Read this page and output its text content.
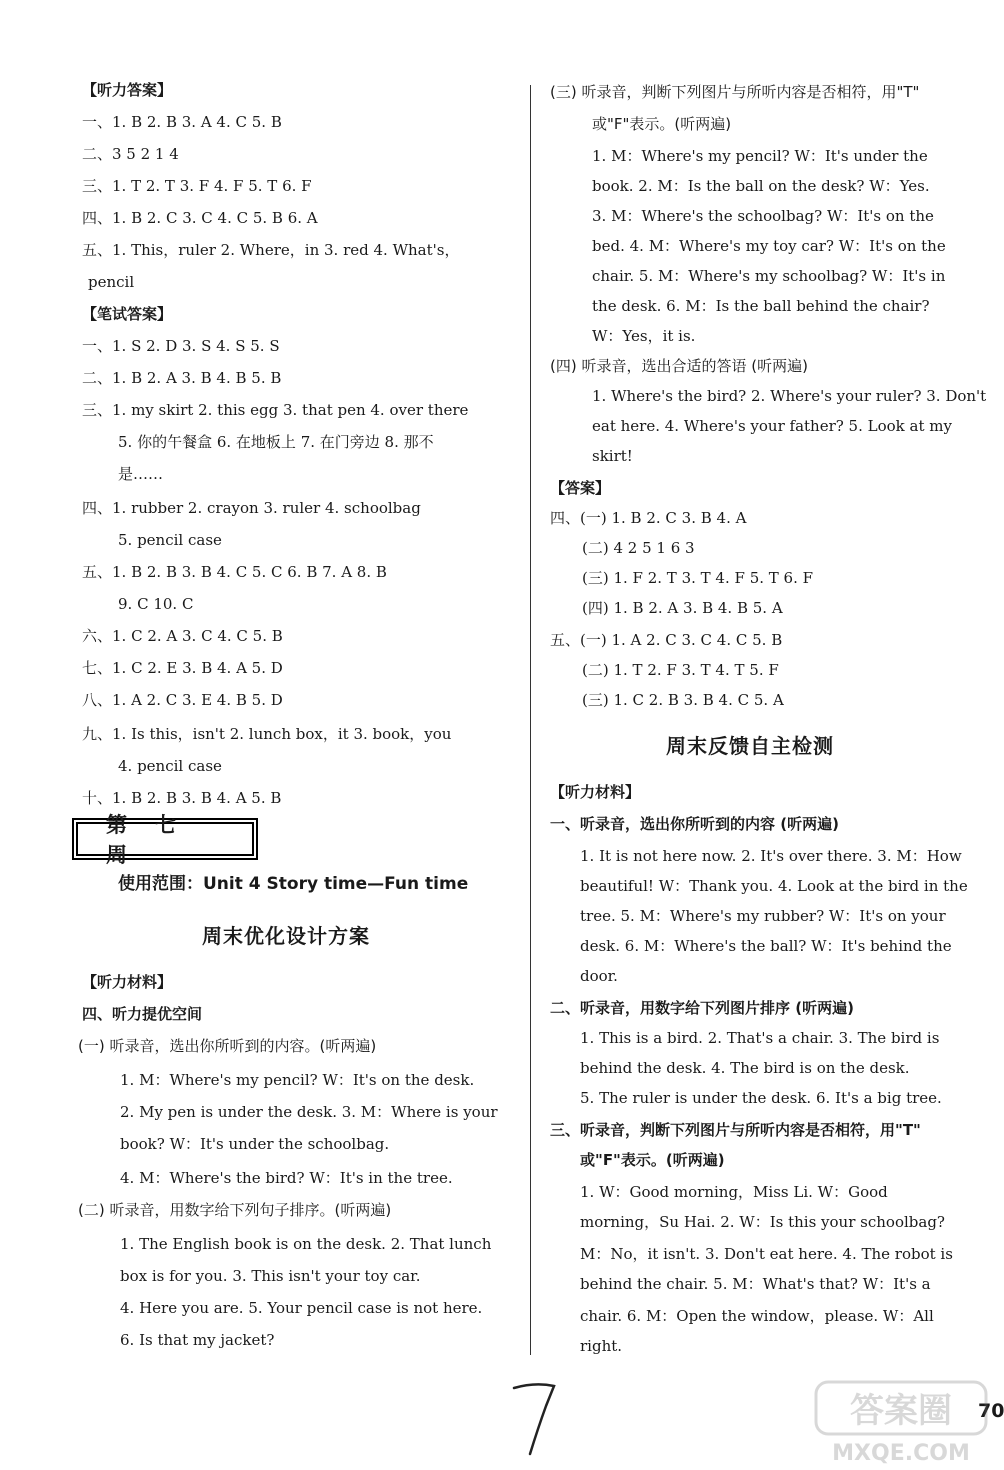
【听力答案】
一、1. B 2. B 3. A 4. C 5. B
二、3 5 2 1 4
三、1. T 2. T 3. F 4. F 5. T 6. F
四、1. B 2. C 3. C 4. C 5. B 6. A
五、1. This，ruler 2. Where，in 3. red 4. What's，
pencil
【笔试答案】
一、1. S 2. D 3. S 4. S 5. S
二、1. B 2. A 3. B 4. B 5. B
三、1. my skirt 2. this egg 3. that pen 4. over there
5. 你的午餐盒 6. 在地板上 7. 在门旁边 8. 那不
是……
四、1. rubber 2. crayon 3. ruler 4. schoolbag
5. pencil case
五、1. B 2. B 3. B 4. C 5. C 6. B 7. A 8. B
9. C 10. C
六、1. C 2. A 3. C 4. C 5. B
七、1. C 2. E 3. B 4. A 5. D
八、1. A 2. C 3. E 4. B 5. D
九、1. Is this，isn't 2. lunch box，it 3. book，you
4. pencil case
十、1. B 2. B 3. B 4. A 5. B
第七周
使用范围：Unit 4 Story time—Fun time
周末优化设计方案
【听力材料】
四、听力提优空间
(一) 听录音，选出你所听到的内容。(听两遍)
1. M：Where's my pencil? W：It's on the desk.
2. My pen is under the desk. 3. M：Where is your
book? W：It's under the schoolbag.
4. M：Where's the bird? W：It's in the tree.
(二) 听录音，用数字给下列句子排序。(听两遍)
1. The English book is on the desk. 2. That lunch
box is for you. 3. This isn't your toy car.
4. Here you are. 5. Your pencil case is not here.
6. Is that my jacket?
(三) 听录音，判断下列图片与所听内容是否相符，用"T"
或"F"表示。(听两遍)
1. M：Where's my pencil? W：It's under the
book. 2. M：Is the ball on the desk? W：Yes.
3. M：Where's the schoolbag? W：It's on the
bed. 4. M：Where's my toy car? W：It's on the
chair. 5. M：Where's my schoolbag? W：It's in
the desk. 6. M：Is the ball behind the chair?
W：Yes，it is.
(四) 听录音，选出合适的答语 (听两遍)
1. Where's the bird? 2. Where's your ruler? 3. Don't
eat here. 4. Where's your father? 5. Look at my
skirt!
【答案】
四、(一) 1. B 2. C 3. B 4. A
(二) 4 2 5 1 6 3
(三) 1. F 2. T 3. T 4. F 5. T 6. F
(四) 1. B 2. A 3. B 4. B 5. A
五、(一) 1. A 2. C 3. C 4. C 5. B
(二) 1. T 2. F 3. T 4. T 5. F
(三) 1. C 2. B 3. B 4. C 5. A
周末反馈自主检测
【听力材料】
一、听录音，选出你所听到的内容 (听两遍)
1. It is not here now. 2. It's over there. 3. M：How
beautiful! W：Thank you. 4. Look at the bird in the
tree. 5. M：Where's my rubber? W：It's on your
desk. 6. M：Where's the ball? W：It's behind the
door.
二、听录音，用数字给下列图片排序 (听两遍)
1. This is a bird. 2. That's a chair. 3. The bird is
behind the desk. 4. The bird is on the desk.
5. The ruler is under the desk. 6. It's a big tree.
三、听录音，判断下列图片与所听内容是否相符，用"T"
或"F"表示。(听两遍)
1. W：Good morning，Miss Li. W：Good
morning，Su Hai. 2. W：Is this your schoolbag?
M：No，it isn't. 3. Don't eat here. 4. The robot is
behind the chair. 5. M：What's that? W：It's a
chair. 6. M：Open the window，please. W：All
right.
70
答案圈
MXQE.COM
